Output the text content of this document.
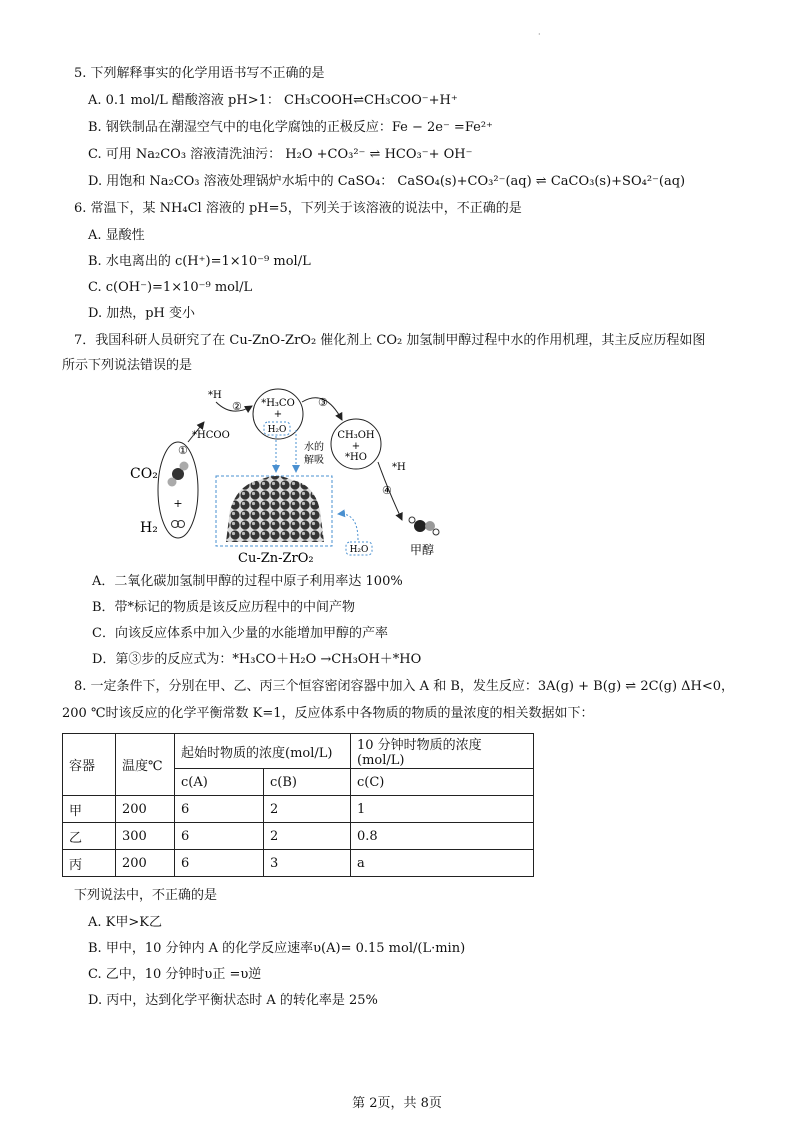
·
5. 下列解释事实的化学用语书写不正确的是
A. 0.1 mol/L 醋酸溶液 pH>1： CH₃COOH⇌CH₃COO⁻+H⁺
B. 钢铁制品在潮湿空气中的电化学腐蚀的正极反应：Fe − 2e⁻ =Fe²⁺
C. 可用 Na₂CO₃ 溶液清洗油污： H₂O +CO₃²⁻ ⇌ HCO₃⁻+ OH⁻
D. 用饱和 Na₂CO₃ 溶液处理锅炉水垢中的 CaSO₄： CaSO₄(s)+CO₃²⁻(aq) ⇌ CaCO₃(s)+SO₄²⁻(aq)
6. 常温下，某 NH₄Cl 溶液的 pH=5，下列关于该溶液的说法中，不正确的是
A. 显酸性
B. 水电离出的 c(H⁺)=1×10⁻⁹ mol/L
C. c(OH⁻)=1×10⁻⁹ mol/L
D. 加热，pH 变小
7．我国科研人员研究了在 Cu-ZnO-ZrO₂ 催化剂上 CO₂ 加氢制甲醇过程中水的作用机理，其主反应历程如图
所示下列说法错误的是
+
CO₂
H₂
①
*HCOO
*H
② *H₃CO
+
H₂O
③
CH₃OH
+
*HO
水的
解吸
*H
④
甲醇
Cu-Zn-ZrO₂
H₂O
A．二氧化碳加氢制甲醇的过程中原子利用率达 100%
B．带*标记的物质是该反应历程中的中间产物
C．向该反应体系中加入少量的水能增加甲醇的产率
D．第③步的反应式为：*H₃CO＋H₂O →CH₃OH＋*HO
8. 一定条件下，分别在甲、乙、丙三个恒容密闭容器中加入 A 和 B，发生反应：3A(g) + B(g) ⇌ 2C(g) ΔH<0，
200 ℃时该反应的化学平衡常数 K=1，反应体系中各物质的物质的量浓度的相关数据如下：
容器	温度℃	起始时物质的浓度(mol/L)		10 分钟时物质的浓度(mol/L)
		c(A)	c(B)	c(C)
甲	200	6	2	1
乙	300	6	2	0.8
丙	200	6	3	a
下列说法中，不正确的是
A. K甲>K乙
B. 甲中，10 分钟内 A 的化学反应速率υ(A)= 0.15 mol/(L·min)
C. 乙中，10 分钟时υ正 =υ逆
D. 丙中，达到化学平衡状态时 A 的转化率是 25%
第 2页，共 8页
